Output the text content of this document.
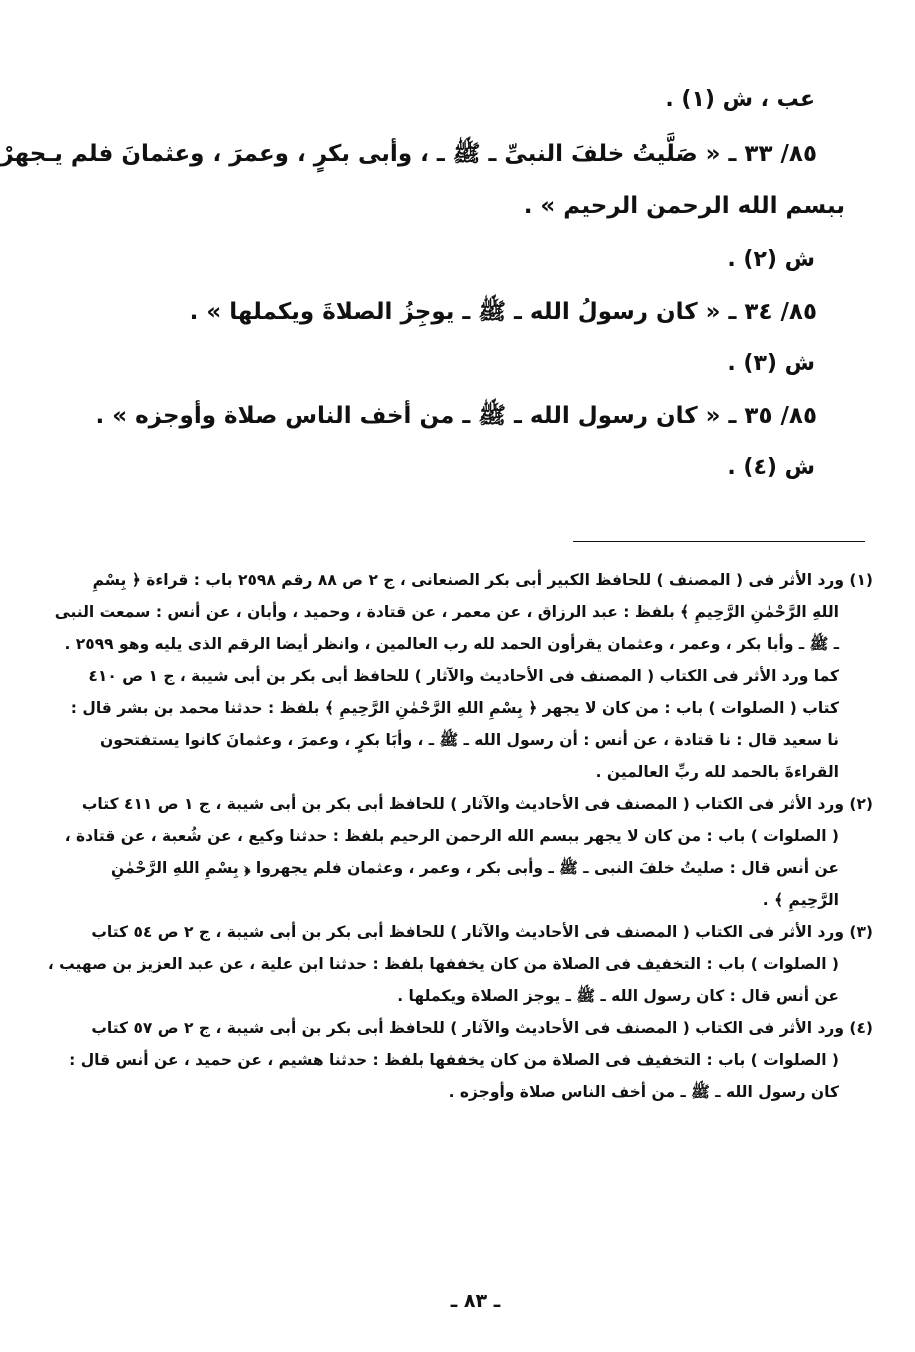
عب ، ش (١) .
٨٥/ ٣٣ ـ « صَلَّيتُ خلفَ النبىِّ ـ ﷺ ـ ، وأبى بكرٍ ، وعمرَ ، وعثمانَ فلم يـجهرْ
ببسم الله الرحمن الرحيم » .
ش (٢) .
٨٥/ ٣٤ ـ « كان رسولُ الله ـ ﷺ ـ يوجِزُ الصلاةَ ويكملها » .
ش (٣) .
٨٥/ ٣٥ ـ « كان رسول الله ـ ﷺ ـ من أخف الناس صلاة وأوجزه » .
ش (٤) .
(١) ورد الأثر فى ( المصنف ) للحافظ الكبير أبى بكر الصنعانى ، ج ٢ ص ٨٨ رقم ٢٥٩٨ باب : قراءة ﴿ بِسْمِ
اللهِ الرَّحْمٰنِ الرَّحِيمِ ﴾ بلفظ : عبد الرزاق ، عن معمر ، عن قتادة ، وحميد ، وأبان ، عن أنس : سمعت النبى
ـ ﷺ ـ وأبا بكر ، وعمر ، وعثمان يقرأون الحمد لله رب العالمين ، وانظر أيضا الرقم الذى يليه وهو ٢٥٩٩ .
كما ورد الأثر فى الكتاب ( المصنف فى الأحاديث والآثار ) للحافظ أبى بكر بن أبى شيبة ، ج ١ ص ٤١٠
كتاب ( الصلوات ) باب : من كان لا يجهر ﴿ بِسْمِ اللهِ الرَّحْمٰنِ الرَّحِيمِ ﴾ بلفظ : حدثنا محمد بن بشر قال :
نا سعيد قال : نا قتادة ، عن أنس : أن رسول الله ـ ﷺ ـ ، وأبَا بكرٍ ، وعمرَ ، وعثمانَ كانوا يستفتحون
القراءةَ بالحمد لله ربِّ العالمين .
(٢) ورد الأثر فى الكتاب ( المصنف فى الأحاديث والآثار ) للحافظ أبى بكر بن أبى شيبة ، ج ١ ص ٤١١ كتاب
( الصلوات ) باب : من كان لا يجهر ببسم الله الرحمن الرحيم بلفظ : حدثنا وكيع ، عن شُعبة ، عن قتادة ،
عن أنس قال : صليتُ خلفَ النبى ـ ﷺ ـ وأبى بكر ، وعمر ، وعثمان فلم يجهروا ﴿ بِسْمِ اللهِ الرَّحْمٰنِ
الرَّحِيمِ ﴾ .
(٣) ورد الأثر فى الكتاب ( المصنف فى الأحاديث والآثار ) للحافظ أبى بكر بن أبى شيبة ، ج ٢ ص ٥٤ كتاب
( الصلوات ) باب : التخفيف فى الصلاة من كان يخففها بلفظ : حدثنا ابن علية ، عن عبد العزيز بن صهيب ،
عن أنس قال : كان رسول الله ـ ﷺ ـ يوجز الصلاة ويكملها .
(٤) ورد الأثر فى الكتاب ( المصنف فى الأحاديث والآثار ) للحافظ أبى بكر بن أبى شيبة ، ج ٢ ص ٥٧ كتاب
( الصلوات ) باب : التخفيف فى الصلاة من كان يخففها بلفظ : حدثنا هشيم ، عن حميد ، عن أنس قال :
كان رسول الله ـ ﷺ ـ من أخف الناس صلاة وأوجزه .
ـ ٨٣ ـ
